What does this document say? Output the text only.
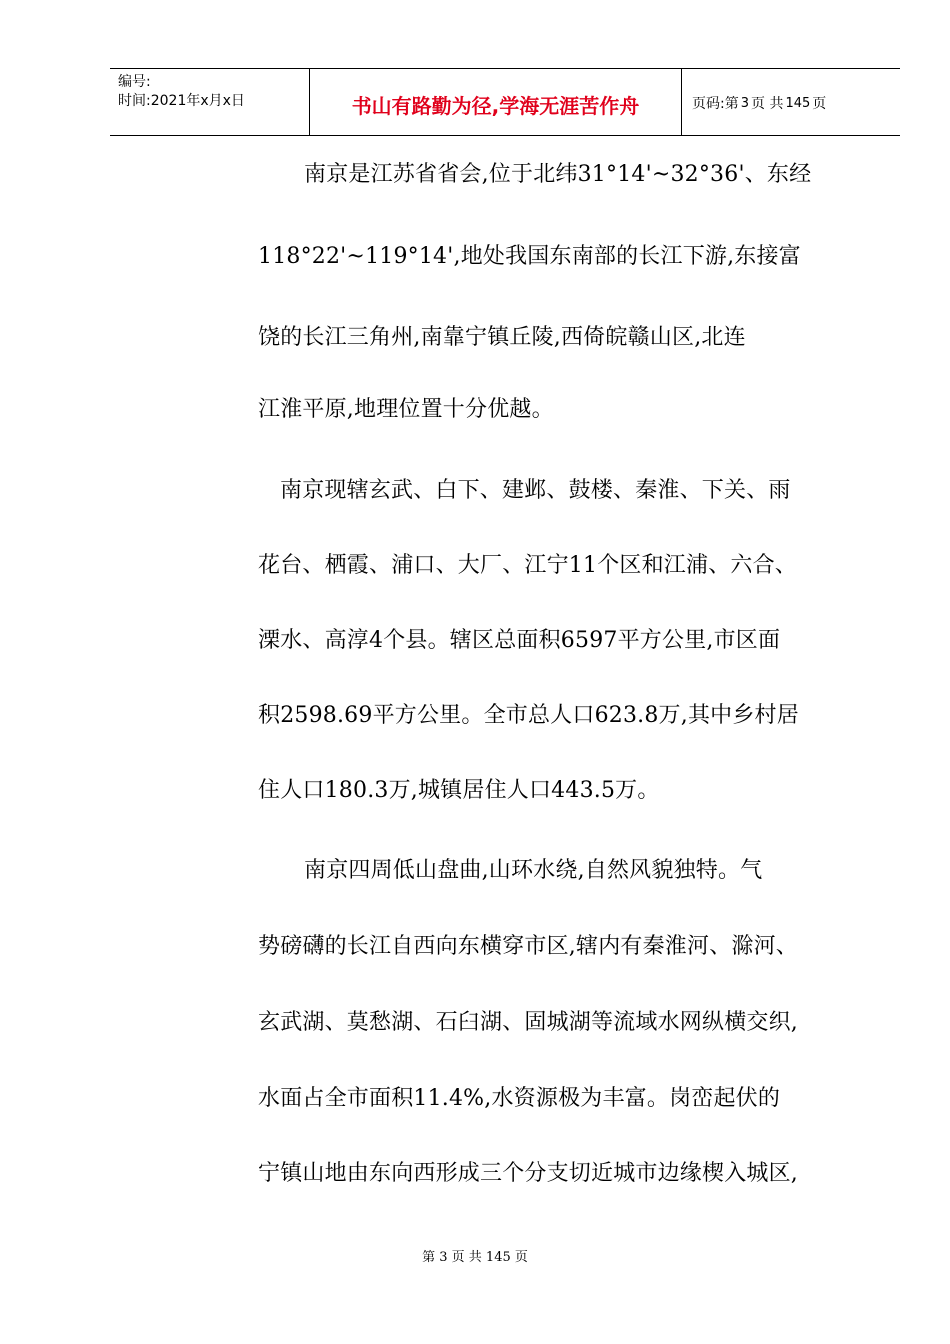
编号:
时间:2021年x月x日	书山有路勤为径,学海无涯苦作舟	页码:第 3 页 共 145 页
南京是江苏省省会,位于北纬31°14'~32°36'、东经
118°22'~119°14',地处我国东南部的长江下游,东接富
饶的长江三角州,南靠宁镇丘陵,西倚皖赣山区,北连
江淮平原,地理位置十分优越。
南京现辖玄武、白下、建邺、鼓楼、秦淮、下关、雨
花台、栖霞、浦口、大厂、江宁11个区和江浦、六合、
溧水、高淳4个县。辖区总面积6597平方公里,市区面
积2598.69平方公里。全市总人口623.8万,其中乡村居
住人口180.3万,城镇居住人口443.5万。
南京四周低山盘曲,山环水绕,自然风貌独特。气
势磅礴的长江自西向东横穿市区,辖内有秦淮河、滁河、
玄武湖、莫愁湖、石臼湖、固城湖等流域水网纵横交织,
水面占全市面积11.4%,水资源极为丰富。岗峦起伏的
宁镇山地由东向西形成三个分支切近城市边缘楔入城区,
第 3 页 共 145 页
